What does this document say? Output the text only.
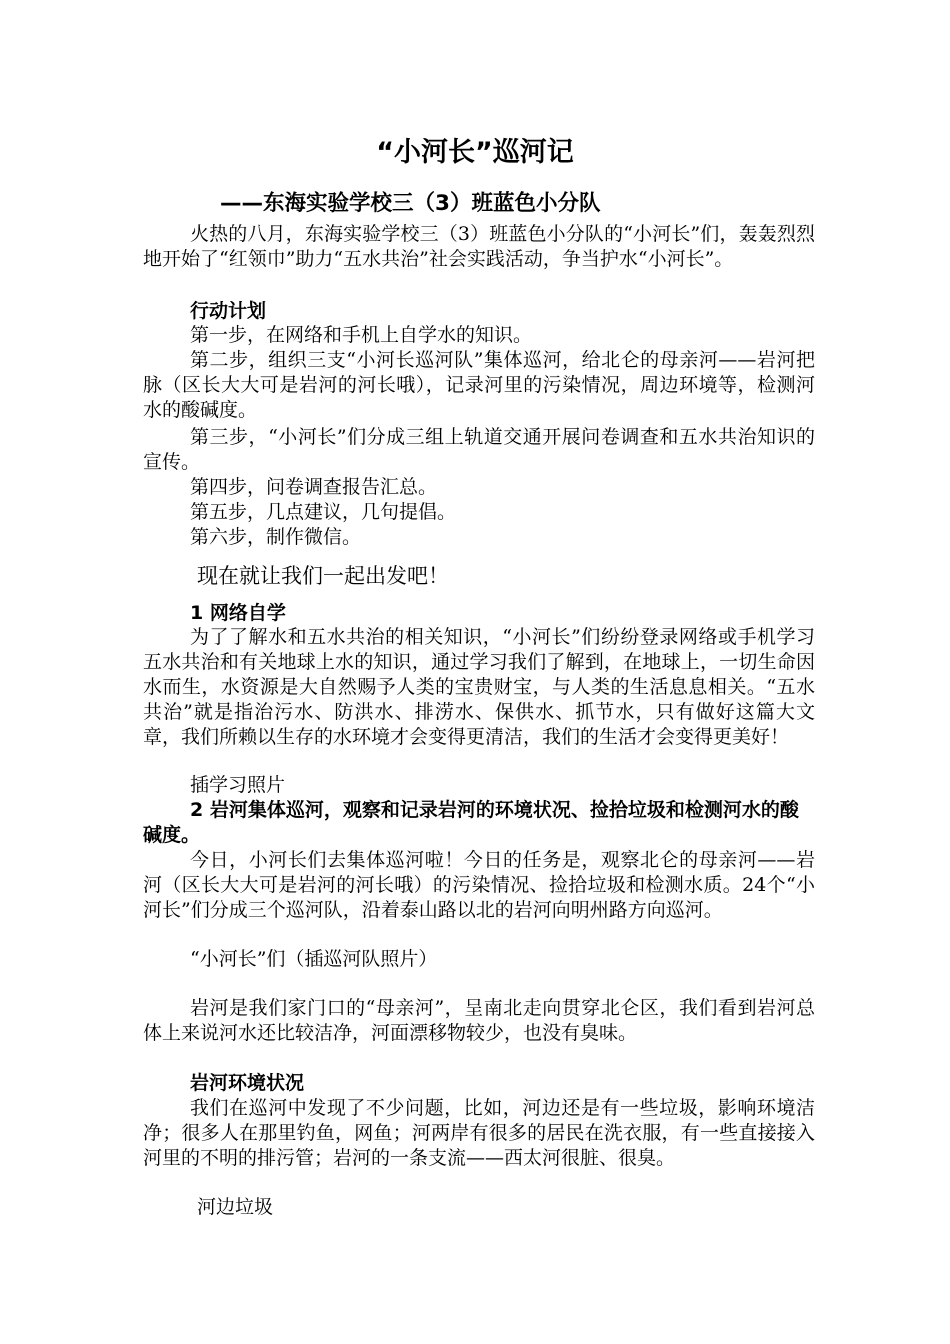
“小河长”巡河记
——东海实验学校三（3）班蓝色小分队

火热的八月，东海实验学校三（3）班蓝色小分队的“小河长”们，轰轰烈烈地开始了“红领巾”助力“五水共治”社会实践活动，争当护水“小河长”。

行动计划

第一步，在网络和手机上自学水的知识。

第二步，组织三支“小河长巡河队”集体巡河，给北仑的母亲河——岩河把脉（区长大大可是岩河的河长哦），记录河里的污染情况，周边环境等，检测河水的酸碱度。

第三步，“小河长”们分成三组上轨道交通开展问卷调查和五水共治知识的宣传。

第四步，问卷调查报告汇总。

第五步，几点建议，几句提倡。

第六步，制作微信。

现在就让我们一起出发吧！

1 网络自学

为了了解水和五水共治的相关知识，“小河长”们纷纷登录网络或手机学习五水共治和有关地球上水的知识，通过学习我们了解到，在地球上，一切生命因水而生，水资源是大自然赐予人类的宝贵财宝，与人类的生活息息相关。“五水共治”就是指治污水、防洪水、排涝水、保供水、抓节水，只有做好这篇大文章，我们所赖以生存的水环境才会变得更清洁，我们的生活才会变得更美好！

插学习照片

2 岩河集体巡河，观察和记录岩河的环境状况、捡拾垃圾和检测河水的酸碱度。

今日，小河长们去集体巡河啦！今日的任务是，观察北仑的母亲河——岩河（区长大大可是岩河的河长哦）的污染情况、捡拾垃圾和检测水质。24个“小河长”们分成三个巡河队，沿着泰山路以北的岩河向明州路方向巡河。

“小河长”们（插巡河队照片）

岩河是我们家门口的“母亲河”，呈南北走向贯穿北仑区，我们看到岩河总体上来说河水还比较洁净，河面漂移物较少，也没有臭味。

岩河环境状况

我们在巡河中发现了不少问题，比如，河边还是有一些垃圾，影响环境洁净；很多人在那里钓鱼，网鱼；河两岸有很多的居民在洗衣服，有一些直接接入河里的不明的排污管；岩河的一条支流——西太河很脏、很臭。

河边垃圾
